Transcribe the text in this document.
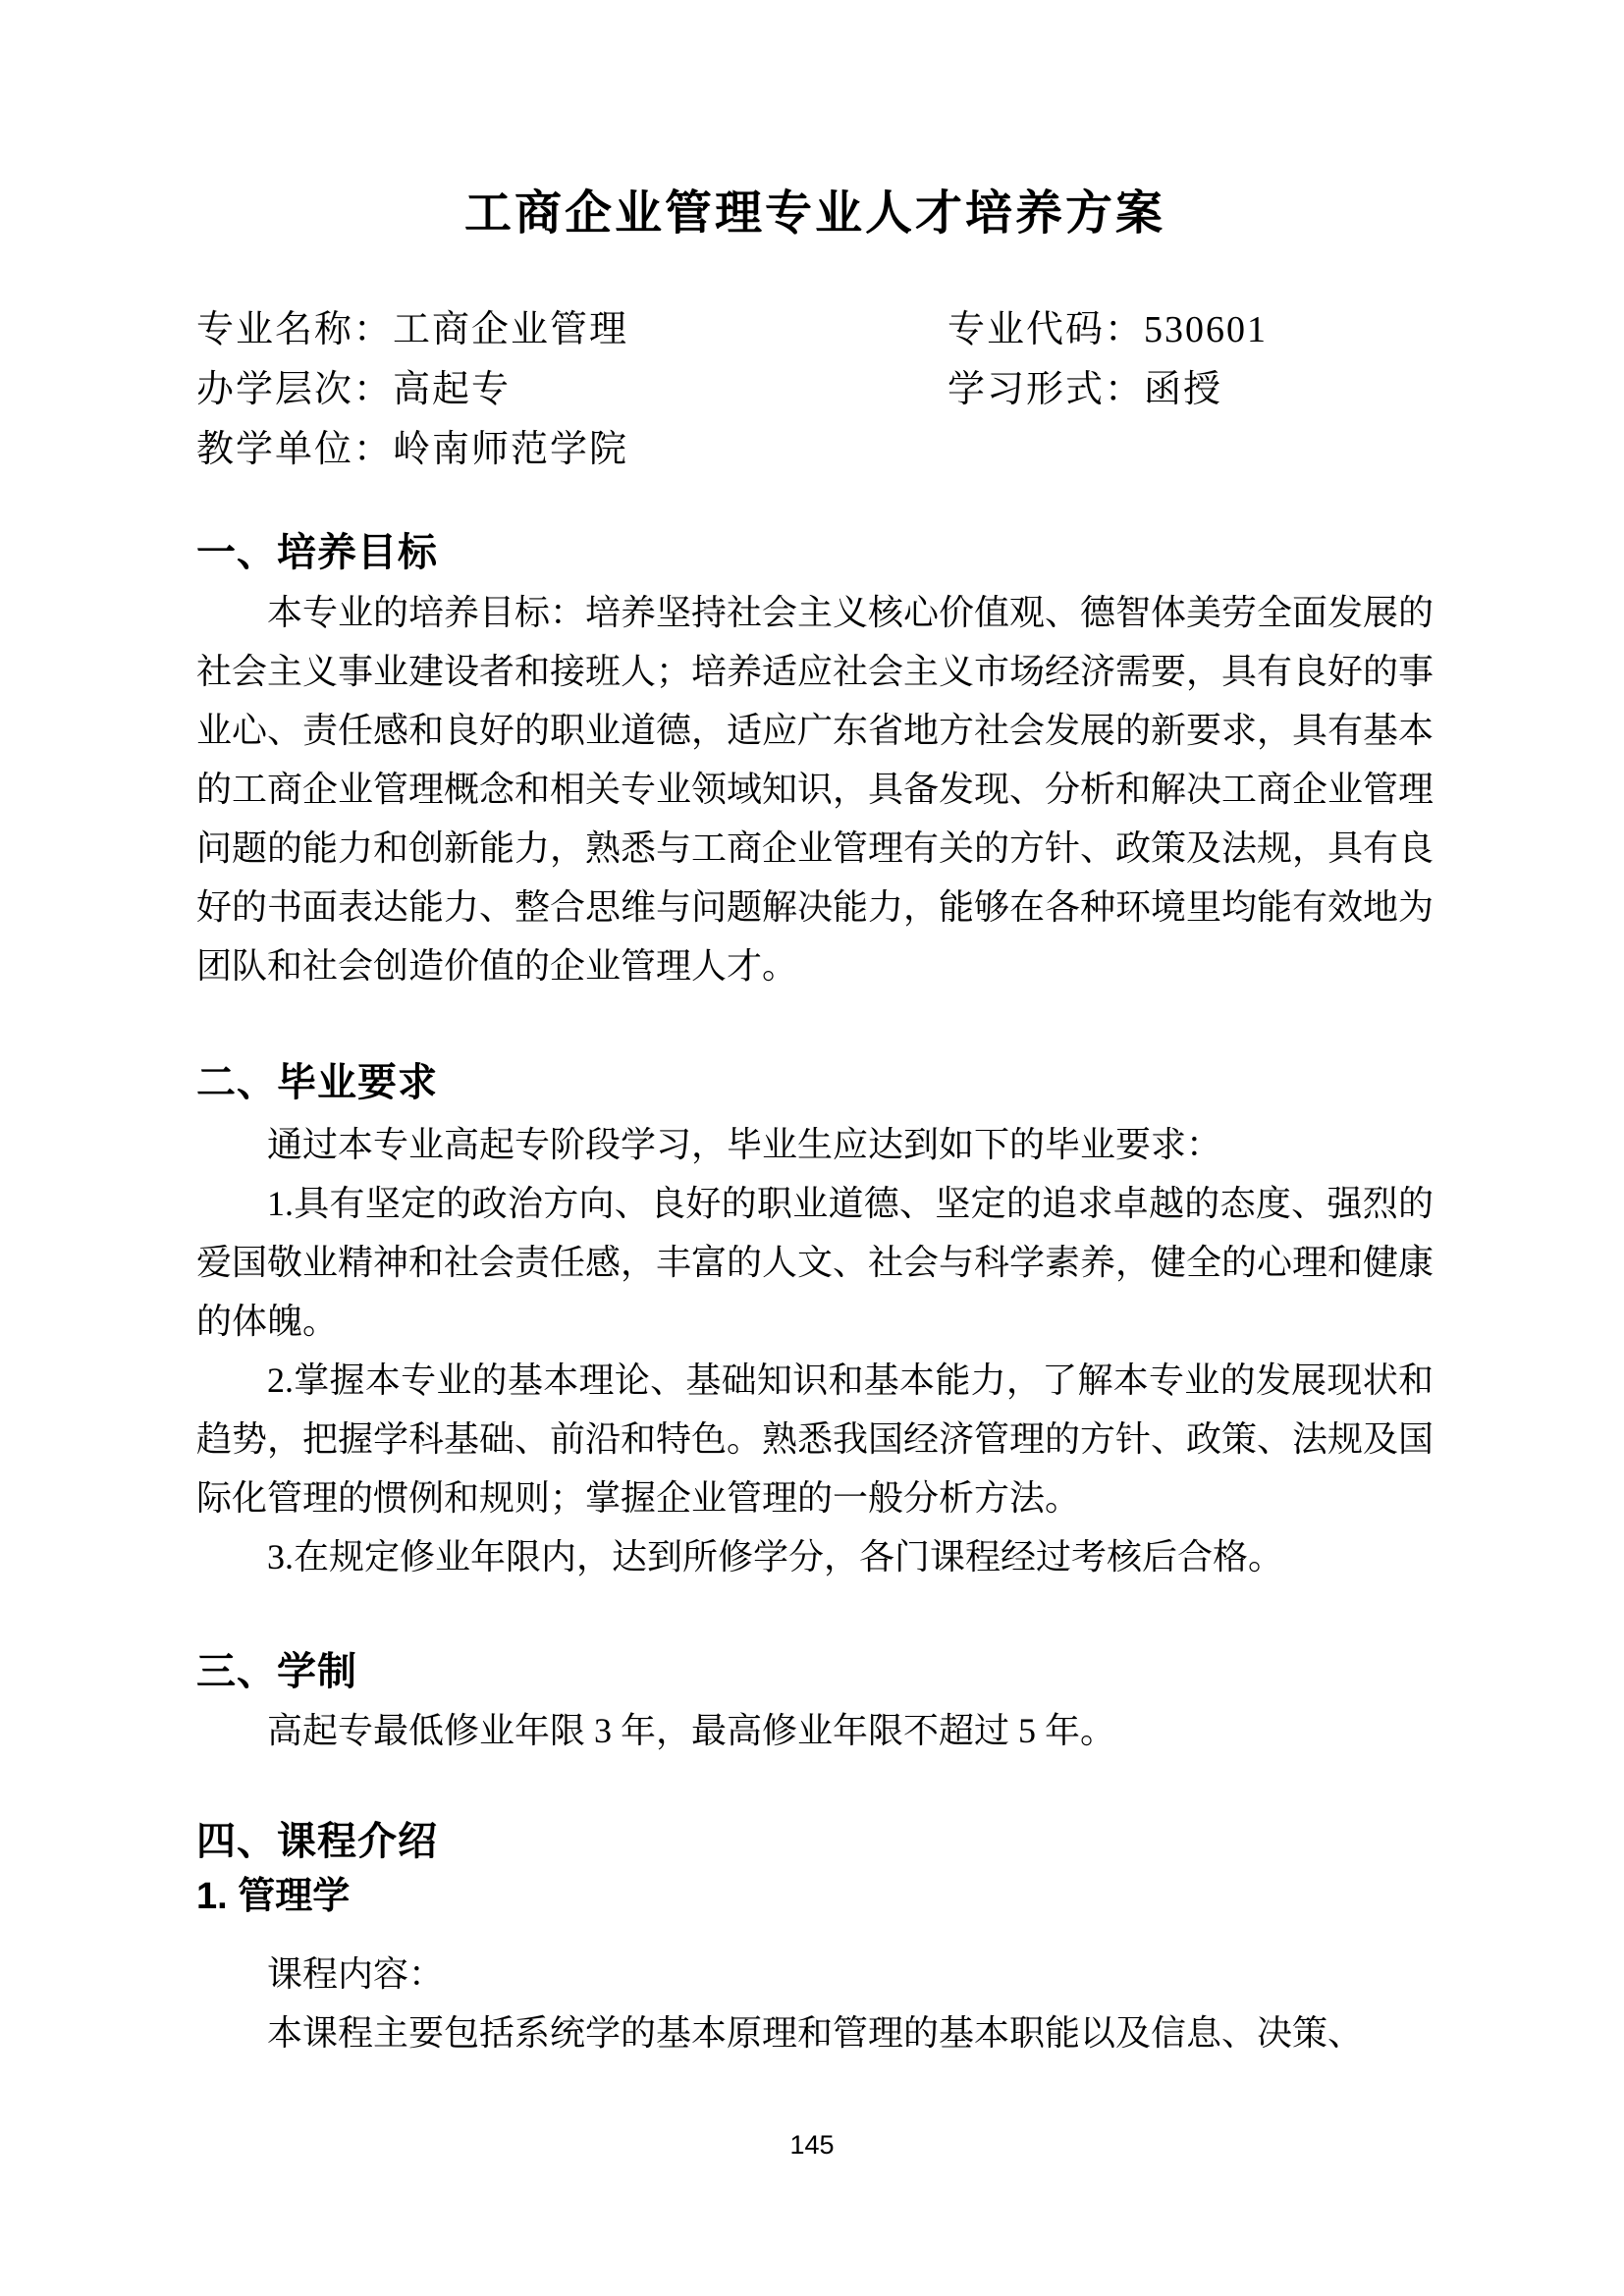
工商企业管理专业人才培养方案
专业名称：工商企业管理	专业代码：530601
办学层次：高起专	学习形式：函授
教学单位：岭南师范学院
一、培养目标

本专业的培养目标：培养坚持社会主义核心价值观、德智体美劳全面发展的社会主义事业建设者和接班人；培养适应社会主义市场经济需要，具有良好的事业心、责任感和良好的职业道德，适应广东省地方社会发展的新要求，具有基本的工商企业管理概念和相关专业领域知识，具备发现、分析和解决工商企业管理问题的能力和创新能力，熟悉与工商企业管理有关的方针、政策及法规，具有良好的书面表达能力、整合思维与问题解决能力，能够在各种环境里均能有效地为团队和社会创造价值的企业管理人才。

二、毕业要求

通过本专业高起专阶段学习，毕业生应达到如下的毕业要求：

1.具有坚定的政治方向、良好的职业道德、坚定的追求卓越的态度、强烈的爱国敬业精神和社会责任感，丰富的人文、社会与科学素养，健全的心理和健康的体魄。

2.掌握本专业的基本理论、基础知识和基本能力，了解本专业的发展现状和趋势，把握学科基础、前沿和特色。熟悉我国经济管理的方针、政策、法规及国际化管理的惯例和规则；掌握企业管理的一般分析方法。

3.在规定修业年限内，达到所修学分，各门课程经过考核后合格。

三、学制

高起专最低修业年限 3 年，最高修业年限不超过 5 年。

四、课程介绍
1. 管理学
课程内容：
本课程主要包括系统学的基本原理和管理的基本职能以及信息、决策、
145
